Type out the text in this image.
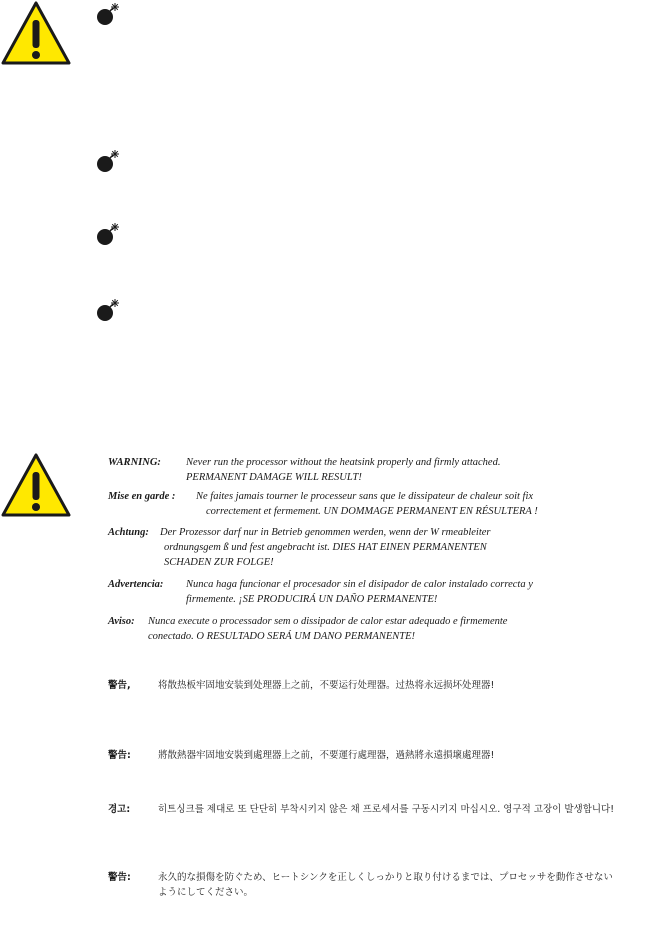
WARNING: Never run the processor without the heatsink properly and firmly attached.
PERMANENT DAMAGE WILL RESULT!
Mise en garde : Ne faites jamais tourner le processeur sans que le dissipateur de chaleur soit fix
correctement et fermement. UN DOMMAGE PERMANENT EN RÉSULTERA !
Achtung: Der Prozessor darf nur in Betrieb genommen werden, wenn der W rmeableiter
ordnungsgem ß und fest angebracht ist. DIES HAT EINEN PERMANENTEN
SCHADEN ZUR FOLGE!
Advertencia: Nunca haga funcionar el procesador sin el disipador de calor instalado correcta y
firmemente. ¡SE PRODUCIRÁ UN DAÑO PERMANENTE!
Aviso: Nunca execute o processador sem o dissipador de calor estar adequado e firmemente
conectado. O RESULTADO SERÁ UM DANO PERMANENTE!
警告,	将散热板牢固地安装到处理器上之前，不要运行处理器。过热将永远损坏处理器!
警告:	將散熱器牢固地安裝到處理器上之前，不要運行處理器，過熱將永遠損壞處理器!
경고:	히트싱크를 제대로 또 단단히 부착시키지 않은 채 프로세서를 구동시키지 마십시오. 영구적 고장이 발생합니다!
警告:	永久的な損傷を防ぐため、ヒートシンクを正しくしっかりと取り付けるまでは、プロセッサを動作させないようにしてください。
